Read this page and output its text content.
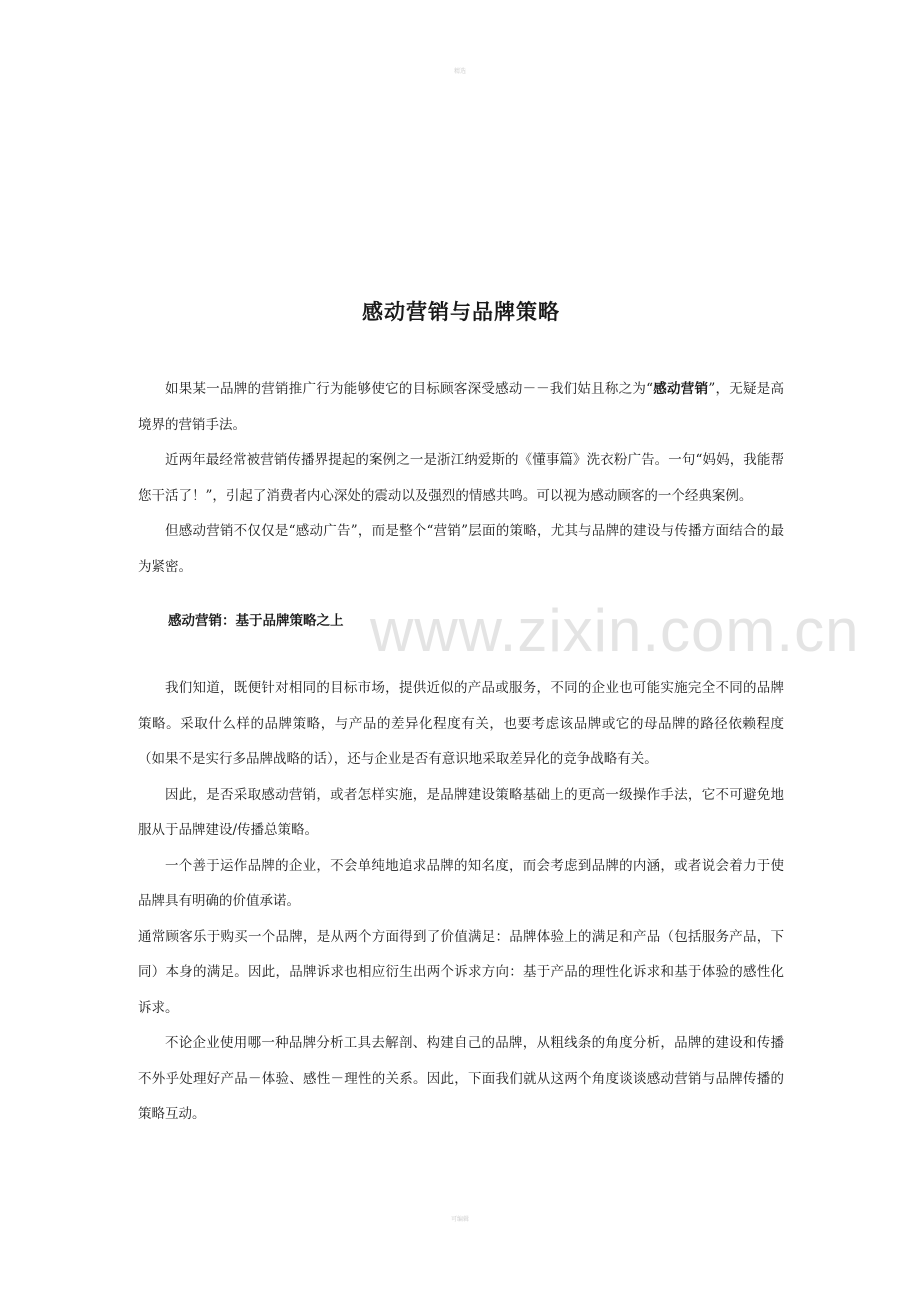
精选
www.zixin.com.cn
感动营销与品牌策略

如果某一品牌的营销推广行为能够使它的目标顾客深受感动－－我们姑且称之为“感动营销”，无疑是高境界的营销手法。

近两年最经常被营销传播界提起的案例之一是浙江纳爱斯的《懂事篇》洗衣粉广告。一句“妈妈，我能帮您干活了！”，引起了消费者内心深处的震动以及强烈的情感共鸣。可以视为感动顾客的一个经典案例。

但感动营销不仅仅是“感动广告”，而是整个“营销”层面的策略，尤其与品牌的建设与传播方面结合的最为紧密。

感动营销：基于品牌策略之上

我们知道，既便针对相同的目标市场，提供近似的产品或服务，不同的企业也可能实施完全不同的品牌策略。采取什么样的品牌策略，与产品的差异化程度有关，也要考虑该品牌或它的母品牌的路径依赖程度（如果不是实行多品牌战略的话），还与企业是否有意识地采取差异化的竞争战略有关。

因此，是否采取感动营销，或者怎样实施，是品牌建设策略基础上的更高一级操作手法，它不可避免地服从于品牌建设/传播总策略。

一个善于运作品牌的企业，不会单纯地追求品牌的知名度，而会考虑到品牌的内涵，或者说会着力于使品牌具有明确的价值承诺。

通常顾客乐于购买一个品牌，是从两个方面得到了价值满足：品牌体验上的满足和产品（包括服务产品，下同）本身的满足。因此，品牌诉求也相应衍生出两个诉求方向：基于产品的理性化诉求和基于体验的感性化诉求。

不论企业使用哪一种品牌分析工具去解剖、构建自己的品牌，从粗线条的角度分析，品牌的建设和传播不外乎处理好产品－体验、感性－理性的关系。因此，下面我们就从这两个角度谈谈感动营销与品牌传播的策略互动。

可编辑
